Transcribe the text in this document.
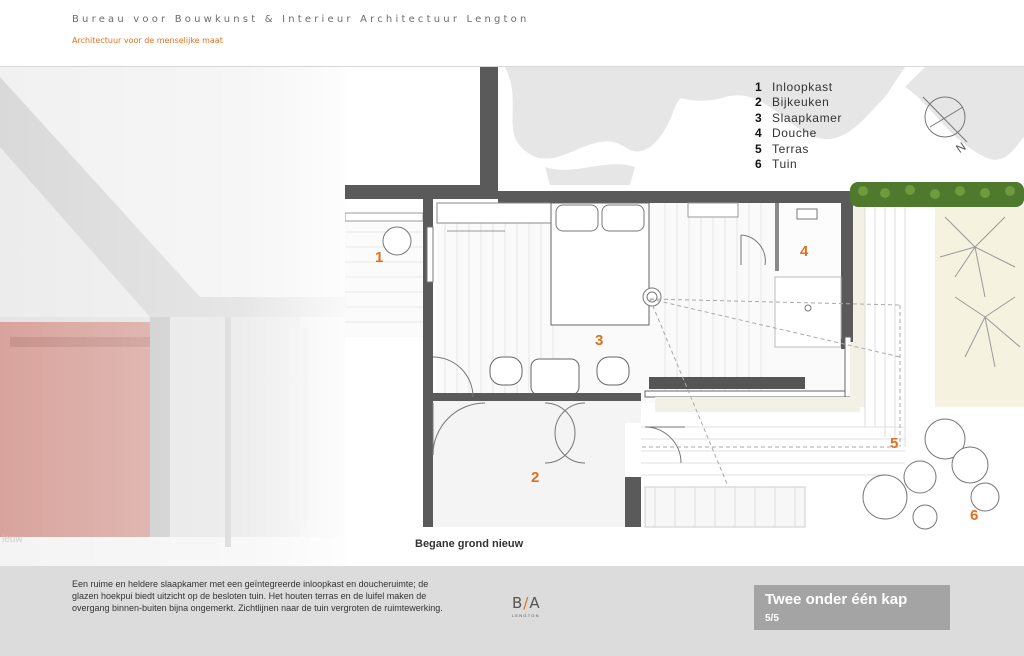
Bureau voor Bouwkunst & Interieur Architectuur Lengton
Architectuur voor de menselijke maat
ieuw
N
1 Inloopkast
2 Bijkeuken
3 Slaapkamer
4 Douche
5 Terras
6 Tuin
1
2
3
4
5
6
Begane grond nieuw
Een ruime en heldere slaapkamer met een geïntegreerde inloopkast en doucheruimte; de glazen hoekpui biedt uitzicht op de besloten tuin. Het houten terras en de luifel maken de overgang binnen-buiten bijna ongemerkt. Zichtlijnen naar de tuin vergroten de ruimtewerking.	B/A
LENGTON
Twee onder één kap
5/5
